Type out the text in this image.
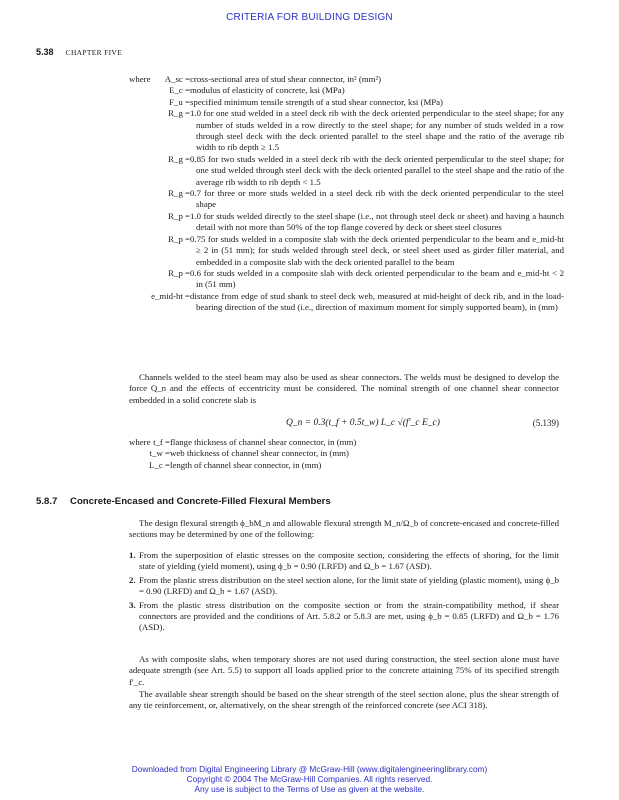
CRITERIA FOR BUILDING DESIGN
5.38 CHAPTER FIVE
where A_sc = cross-sectional area of stud shear connector, in² (mm²)
E_c = modulus of elasticity of concrete, ksi (MPa)
F_u = specified minimum tensile strength of a stud shear connector, ksi (MPa)
R_g = 1.0 for one stud welded in a steel deck rib with the deck oriented perpendicular to the steel shape; for any number of studs welded in a row directly to the steel shape; for any number of studs welded in a row through steel deck with the deck oriented parallel to the steel shape and the ratio of the average rib width to rib depth ≥ 1.5
R_g = 0.85 for two studs welded in a steel deck rib with the deck oriented perpendicular to the steel shape; for one stud welded through steel deck with the deck oriented parallel to the steel shape and the ratio of the average rib width to rib depth < 1.5
R_g = 0.7 for three or more studs welded in a steel deck rib with the deck oriented perpendicular to the steel shape
R_p = 1.0 for studs welded directly to the steel shape (i.e., not through steel deck or sheet) and having a haunch detail with not more than 50% of the top flange covered by deck or sheet steel closures
R_p = 0.75 for studs welded in a composite slab with the deck oriented perpendicular to the beam and e_mid-ht ≥ 2 in (51 mm); for studs welded through steel deck, or steel sheet used as girder filler material, and embedded in a composite slab with the deck oriented parallel to the beam
R_p = 0.6 for studs welded in a composite slab with deck oriented perpendicular to the beam and e_mid-ht < 2 in (51 mm)
e_mid-ht = distance from edge of stud shank to steel deck web, measured at mid-height of deck rib, and in the load-bearing direction of the stud (i.e., direction of maximum moment for simply supported beam), in (mm)
Channels welded to the steel beam may also be used as shear connectors. The welds must be designed to develop the force Q_n and the effects of eccentricity must be considered. The nominal strength of one channel shear connector embedded in a solid concrete slab is
Q_n = 0.3(t_f + 0.5t_w) L_c √(f′_c E_c)	(5.139)
where t_f = flange thickness of channel shear connector, in (mm)
t_w = web thickness of channel shear connector, in (mm)
L_c = length of channel shear connector, in (mm)
5.8.7 Concrete-Encased and Concrete-Filled Flexural Members
The design flexural strength ϕ_bM_n and allowable flexural strength M_n/Ω_b of concrete-encased and concrete-filled sections may be determined by one of the following:
1. From the superposition of elastic stresses on the composite section, considering the effects of shoring, for the limit state of yielding (yield moment), using ϕ_b = 0.90 (LRFD) and Ω_b = 1.67 (ASD).
2. From the plastic stress distribution on the steel section alone, for the limit state of yielding (plastic moment), using ϕ_b = 0.90 (LRFD) and Ω_b = 1.67 (ASD).
3. From the plastic stress distribution on the composite section or from the strain-compatibility method, if shear connectors are provided and the conditions of Art. 5.8.2 or 5.8.3 are met, using ϕ_b = 0.85 (LRFD) and Ω_b = 1.76 (ASD).
As with composite slabs, when temporary shores are not used during construction, the steel section alone must have adequate strength (see Art. 5.5) to support all loads applied prior to the concrete attaining 75% of its specified strength f′_c.
The available shear strength should be based on the shear strength of the steel section alone, plus the shear strength of any tie reinforcement, or, alternatively, on the shear strength of the reinforced concrete (see ACI 318).
Downloaded from Digital Engineering Library @ McGraw-Hill (www.digitalengineeringlibrary.com)
Copyright © 2004 The McGraw-Hill Companies. All rights reserved.
Any use is subject to the Terms of Use as given at the website.
